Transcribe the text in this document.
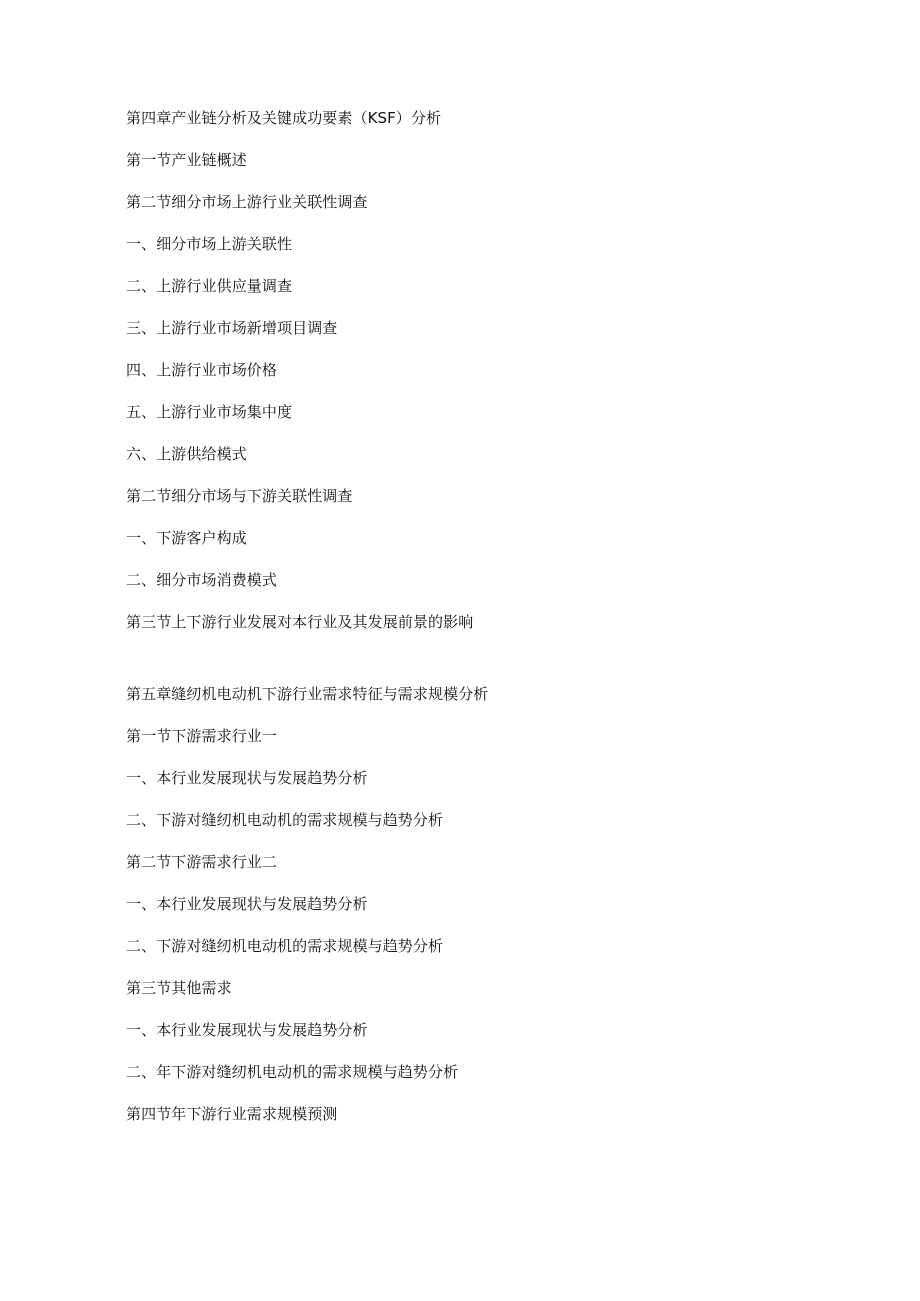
第四章产业链分析及关键成功要素（KSF）分析
第一节产业链概述
第二节细分市场上游行业关联性调查
一、细分市场上游关联性
二、上游行业供应量调查
三、上游行业市场新增项目调查
四、上游行业市场价格
五、上游行业市场集中度
六、上游供给模式
第二节细分市场与下游关联性调查
一、下游客户构成
二、细分市场消费模式
第三节上下游行业发展对本行业及其发展前景的影响
第五章缝纫机电动机下游行业需求特征与需求规模分析
第一节下游需求行业一
一、本行业发展现状与发展趋势分析
二、下游对缝纫机电动机的需求规模与趋势分析
第二节下游需求行业二
一、本行业发展现状与发展趋势分析
二、下游对缝纫机电动机的需求规模与趋势分析
第三节其他需求
一、本行业发展现状与发展趋势分析
二、年下游对缝纫机电动机的需求规模与趋势分析
第四节年下游行业需求规模预测
